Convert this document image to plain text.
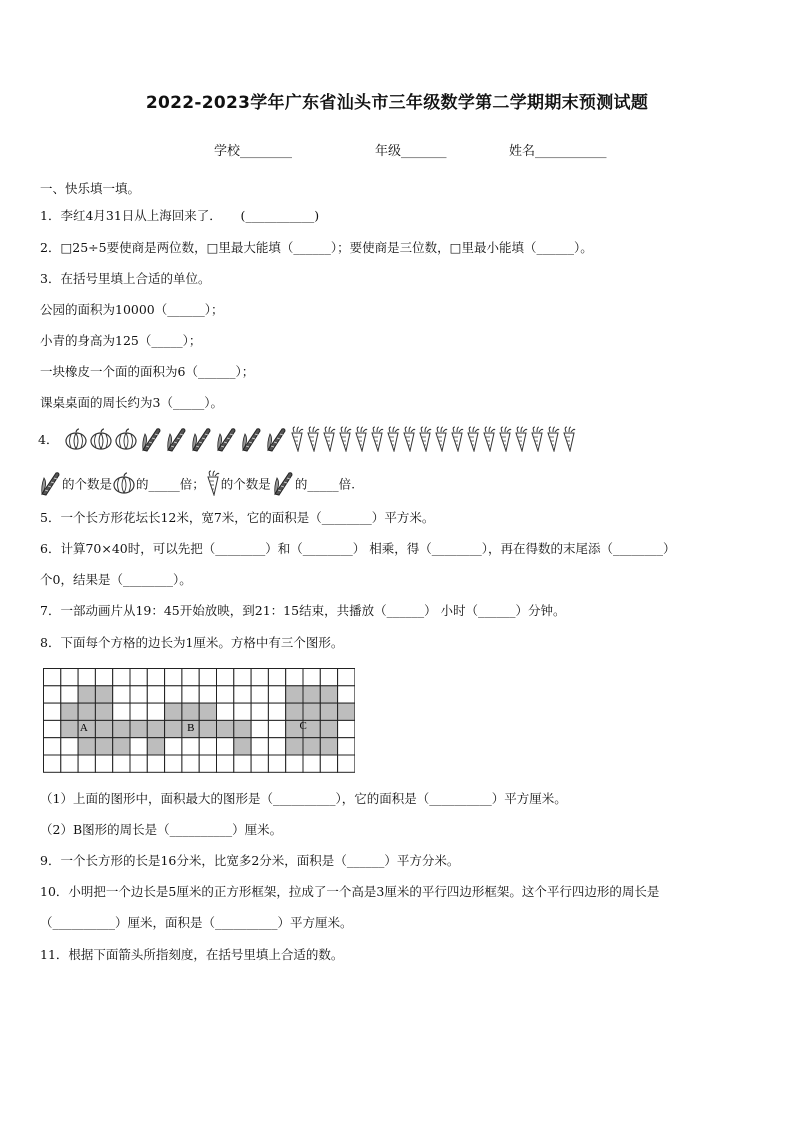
2022-2023学年广东省汕头市三年级数学第二学期期末预测试题
学校________	年级_______	姓名___________
一、快乐填一填。
1．李红4月31日从上海回来了．　　(___________)
2．□25÷5要使商是两位数，□里最大能填（______）；要使商是三位数，□里最小能填（______）。
3．在括号里填上合适的单位。
公园的面积为10000（______）；
小青的身高为125（_____）；
一块橡皮一个面的面积为6（______）；
课桌桌面的周长约为3（_____）。
4．
的个数是 的_____倍； 的个数是 的_____倍.
5．一个长方形花坛长12米，宽7米，它的面积是（________）平方米。
6．计算70×40时，可以先把（________）和（________） 相乘，得（________），再在得数的末尾添（________）
个0，结果是（________）。
7．一部动画片从19：45开始放映，到21：15结束，共播放（______） 小时（______）分钟。
8．下面每个方格的边长为1厘米。方格中有三个图形。
A	B	C
（1）上面的图形中，面积最大的图形是（__________），它的面积是（__________）平方厘米。
（2）B图形的周长是（__________）厘米。
9．一个长方形的长是16分米，比宽多2分米，面积是（______）平方分米。
10．小明把一个边长是5厘米的正方形框架，拉成了一个高是3厘米的平行四边形框架。这个平行四边形的周长是
（__________）厘米，面积是（__________）平方厘米。
11．根据下面箭头所指刻度，在括号里填上合适的数。
